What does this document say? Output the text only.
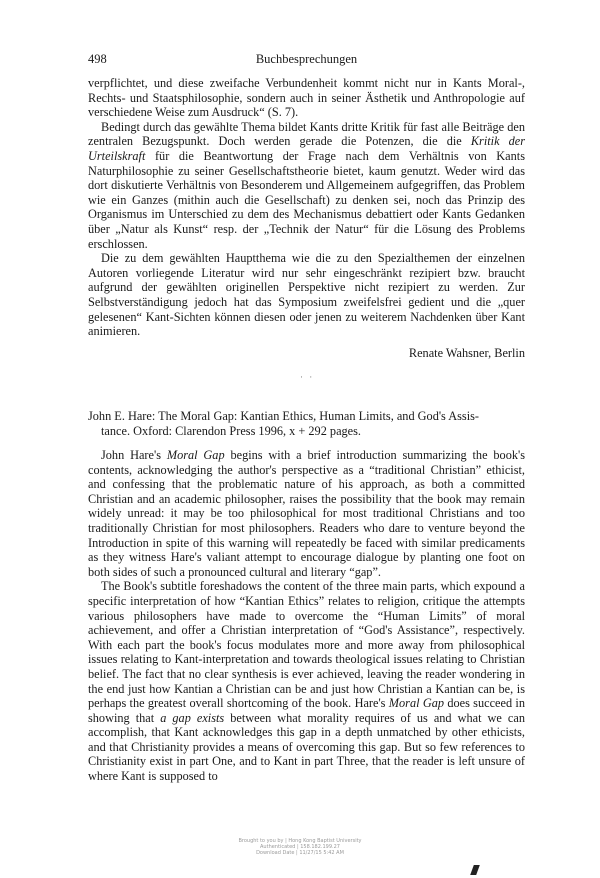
498	Buchbesprechungen

verpflichtet, und diese zweifache Verbundenheit kommt nicht nur in Kants Moral-, Rechts- und Staatsphilosophie, sondern auch in seiner Ästhetik und Anthropologie auf verschiedene Weise zum Ausdruck“ (S. 7).

Bedingt durch das gewählte Thema bildet Kants dritte Kritik für fast alle Beiträge den zentralen Bezugspunkt. Doch werden gerade die Potenzen, die die Kritik der Urteilskraft für die Beantwortung der Frage nach dem Verhältnis von Kants Naturphilosophie zu seiner Gesellschaftstheorie bietet, kaum genutzt. Weder wird das dort diskutierte Verhältnis von Besonderem und Allgemeinem aufgegriffen, das Problem wie ein Ganzes (mithin auch die Gesellschaft) zu denken sei, noch das Prinzip des Organismus im Unterschied zu dem des Mechanismus debattiert oder Kants Gedanken über „Natur als Kunst“ resp. der „Technik der Natur“ für die Lösung des Problems erschlossen.

Die zu dem gewählten Hauptthema wie die zu den Spezialthemen der einzelnen Autoren vorliegende Literatur wird nur sehr eingeschränkt rezipiert bzw. braucht aufgrund der gewählten originellen Perspektive nicht rezipiert zu werden. Zur Selbstverständigung jedoch hat das Symposium zweifelsfrei gedient und die „quer gelesenen“ Kant-Sichten können diesen oder jenen zu weiterem Nachdenken über Kant animieren.

Renate Wahsner, Berlin
· ·
John E. Hare: The Moral Gap: Kantian Ethics, Human Limits, and God's Assis-
tance. Oxford: Clarendon Press 1996, x + 292 pages.

John Hare's Moral Gap begins with a brief introduction summarizing the book's contents, acknowledging the author's perspective as a “traditional Christian” ethicist, and confessing that the problematic nature of his approach, as both a committed Christian and an academic philosopher, raises the possibility that the book may remain widely unread: it may be too philosophical for most traditional Christians and too traditionally Christian for most philosophers. Readers who dare to venture beyond the Introduction in spite of this warning will repeatedly be faced with similar predicaments as they witness Hare's valiant attempt to encourage dialogue by planting one foot on both sides of such a pronounced cultural and literary “gap”.

The Book's subtitle foreshadows the content of the three main parts, which expound a specific interpretation of how “Kantian Ethics” relates to religion, critique the attempts various philosophers have made to overcome the “Human Limits” of moral achievement, and offer a Christian interpretation of “God's Assistance”, respectively. With each part the book's focus modulates more and more away from philosophical issues relating to Kant-interpretation and towards theological issues relating to Christian belief. The fact that no clear synthesis is ever achieved, leaving the reader wondering in the end just how Kantian a Christian can be and just how Christian a Kantian can be, is perhaps the greatest overall shortcoming of the book. Hare's Moral Gap does succeed in showing that a gap exists between what morality requires of us and what we can accomplish, that Kant acknowledges this gap in a depth unmatched by other ethicists, and that Christianity provides a means of overcoming this gap. But so few references to Christianity exist in part One, and to Kant in part Three, that the reader is left unsure of where Kant is supposed to

Brought to you by | Hong Kong Baptist University
Authenticated | 158.182.199.27
Download Date | 11/27/15 5:42 AM
